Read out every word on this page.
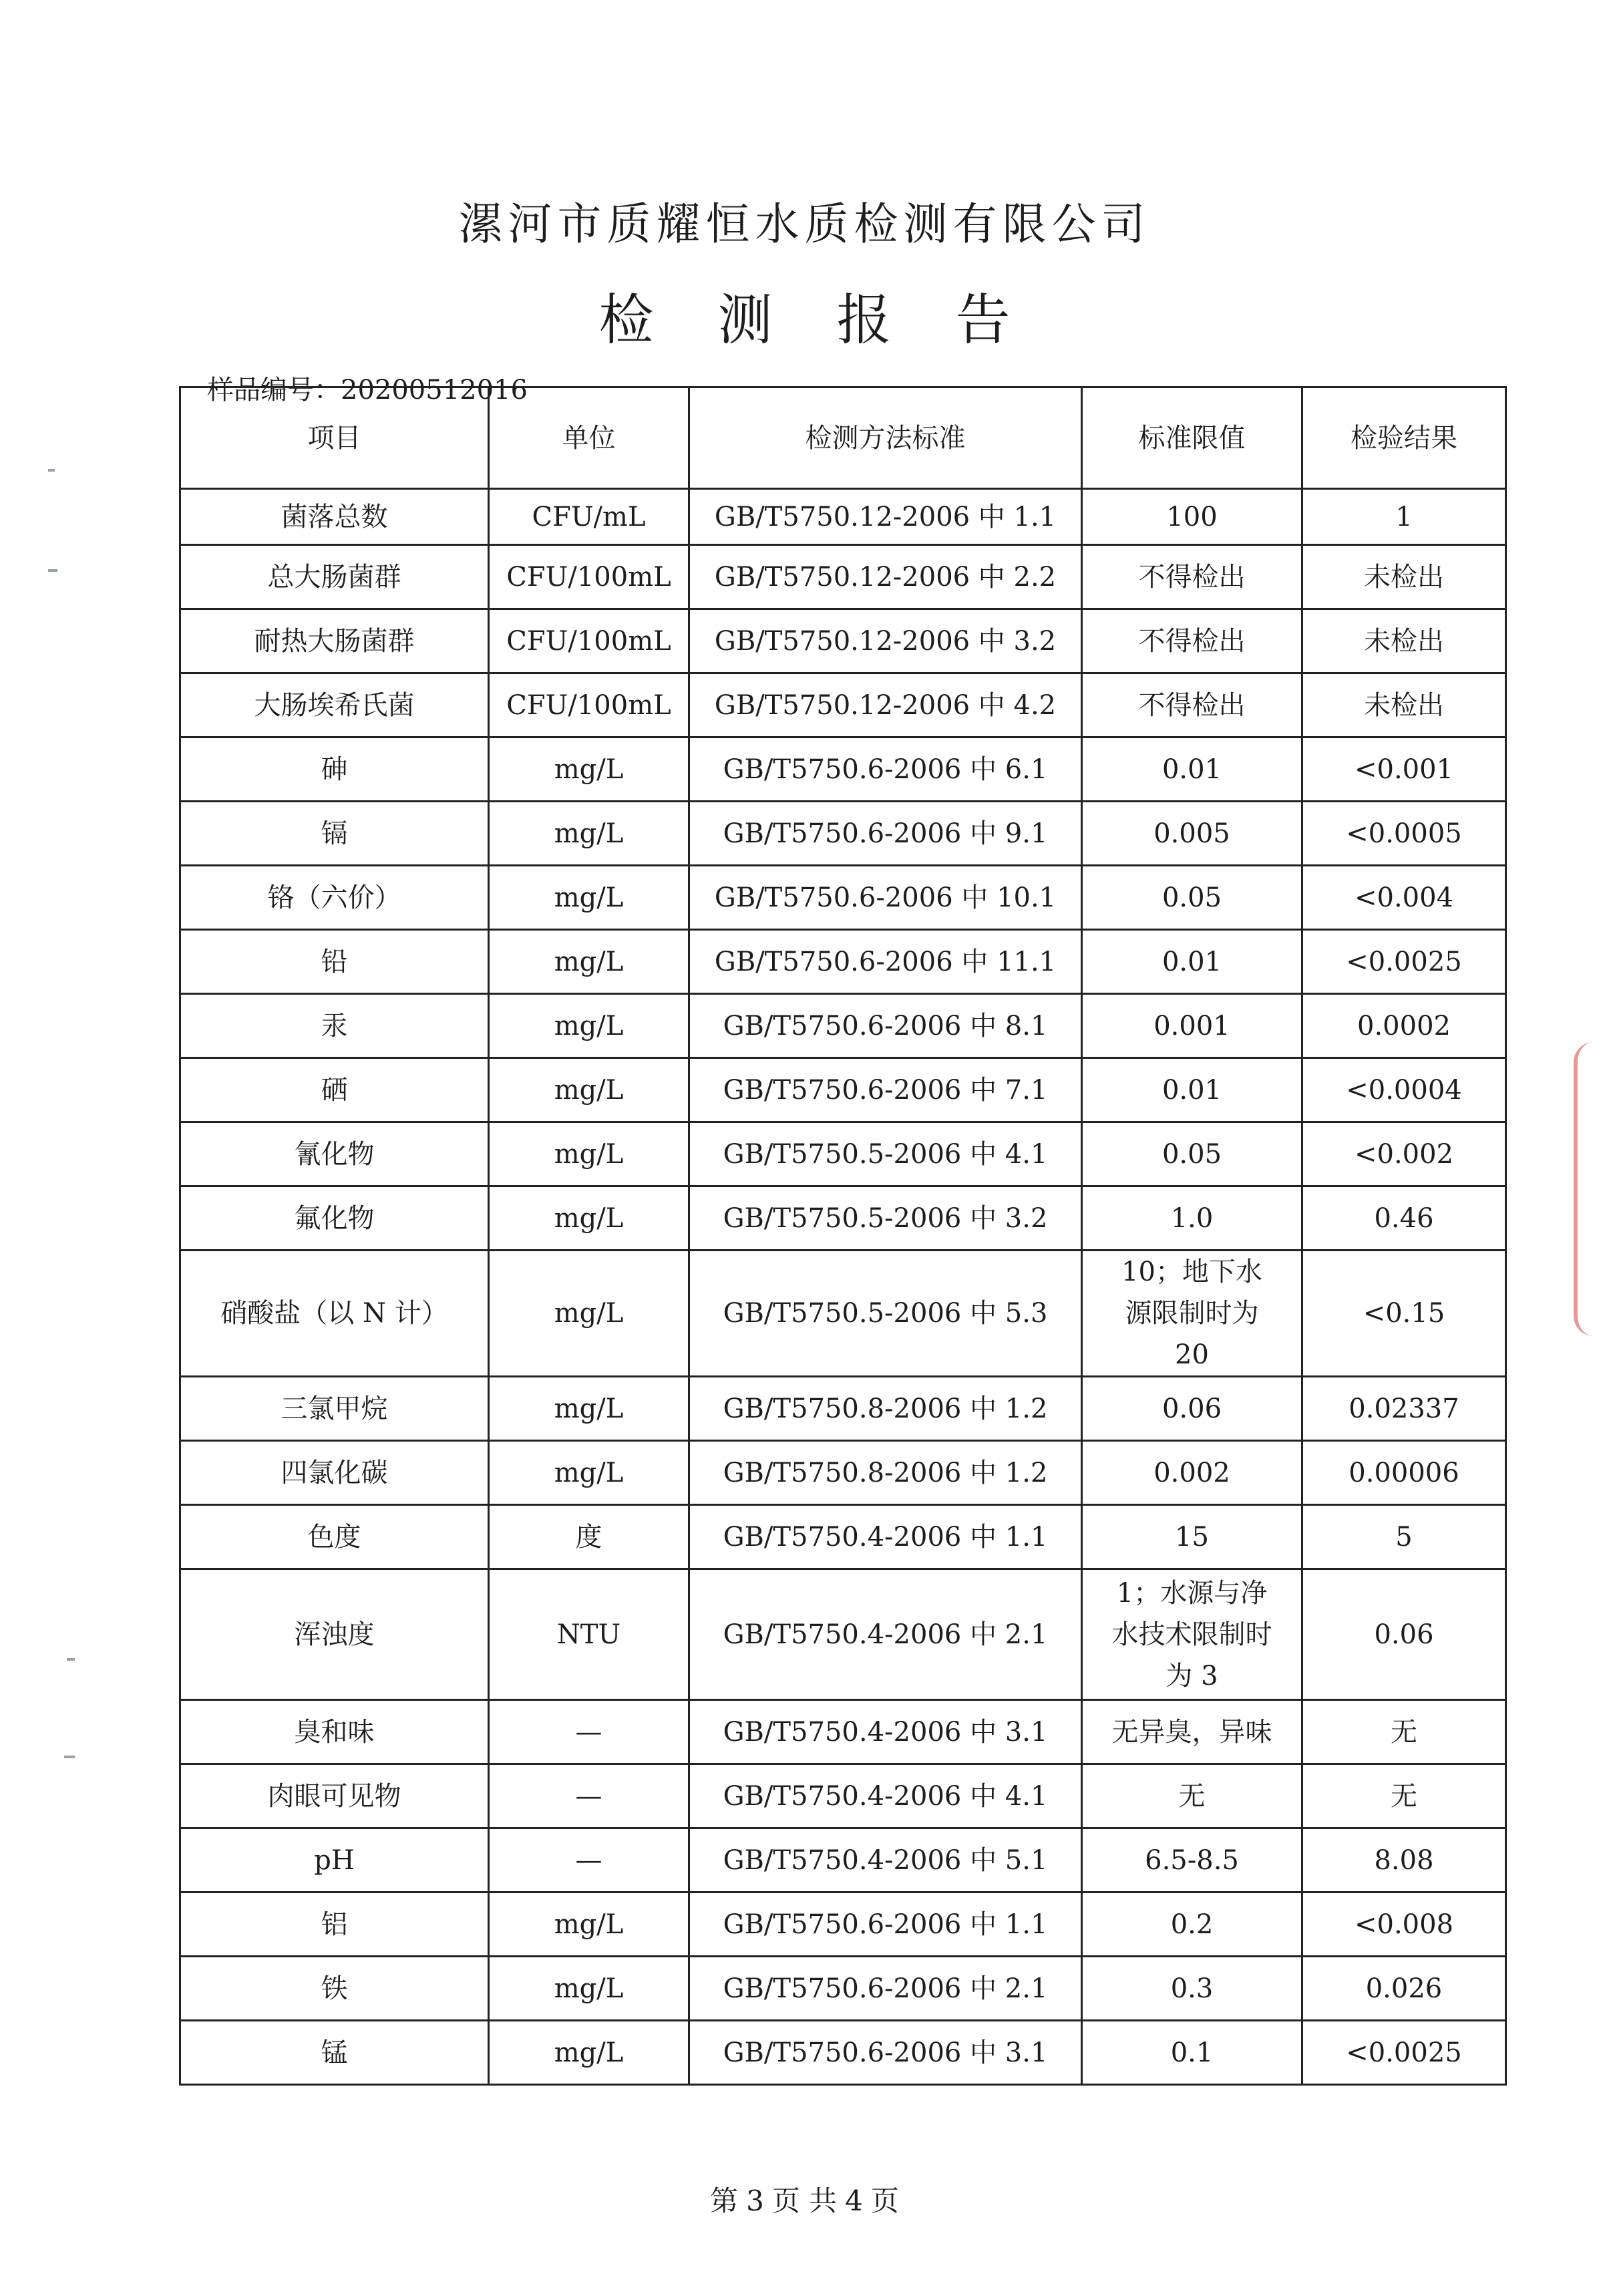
漯河市质耀恒水质检测有限公司
检 测 报 告
样品编号：20200512016
项目	单位	检测方法标准	标准限值	检验结果
菌落总数	CFU/mL	GB/T5750.12-2006 中 1.1	100	1
总大肠菌群	CFU/100mL	GB/T5750.12-2006 中 2.2	不得检出	未检出
耐热大肠菌群	CFU/100mL	GB/T5750.12-2006 中 3.2	不得检出	未检出
大肠埃希氏菌	CFU/100mL	GB/T5750.12-2006 中 4.2	不得检出	未检出
砷	mg/L	GB/T5750.6-2006 中 6.1	0.01	<0.001
镉	mg/L	GB/T5750.6-2006 中 9.1	0.005	<0.0005
铬（六价）	mg/L	GB/T5750.6-2006 中 10.1	0.05	<0.004
铅	mg/L	GB/T5750.6-2006 中 11.1	0.01	<0.0025
汞	mg/L	GB/T5750.6-2006 中 8.1	0.001	0.0002
硒	mg/L	GB/T5750.6-2006 中 7.1	0.01	<0.0004
氰化物	mg/L	GB/T5750.5-2006 中 4.1	0.05	<0.002
氟化物	mg/L	GB/T5750.5-2006 中 3.2	1.0	0.46
硝酸盐（以 N 计）	mg/L	GB/T5750.5-2006 中 5.3	10；地下水源限制时为 20	<0.15
三氯甲烷	mg/L	GB/T5750.8-2006 中 1.2	0.06	0.02337
四氯化碳	mg/L	GB/T5750.8-2006 中 1.2	0.002	0.00006
色度	度	GB/T5750.4-2006 中 1.1	15	5
浑浊度	NTU	GB/T5750.4-2006 中 2.1	1；水源与净水技术限制时为 3	0.06
臭和味	—	GB/T5750.4-2006 中 3.1	无异臭，异味	无
肉眼可见物	—	GB/T5750.4-2006 中 4.1	无	无
pH	—	GB/T5750.4-2006 中 5.1	6.5-8.5	8.08
铝	mg/L	GB/T5750.6-2006 中 1.1	0.2	<0.008
铁	mg/L	GB/T5750.6-2006 中 2.1	0.3	0.026
锰	mg/L	GB/T5750.6-2006 中 3.1	0.1	<0.0025
第 3 页 共 4 页
